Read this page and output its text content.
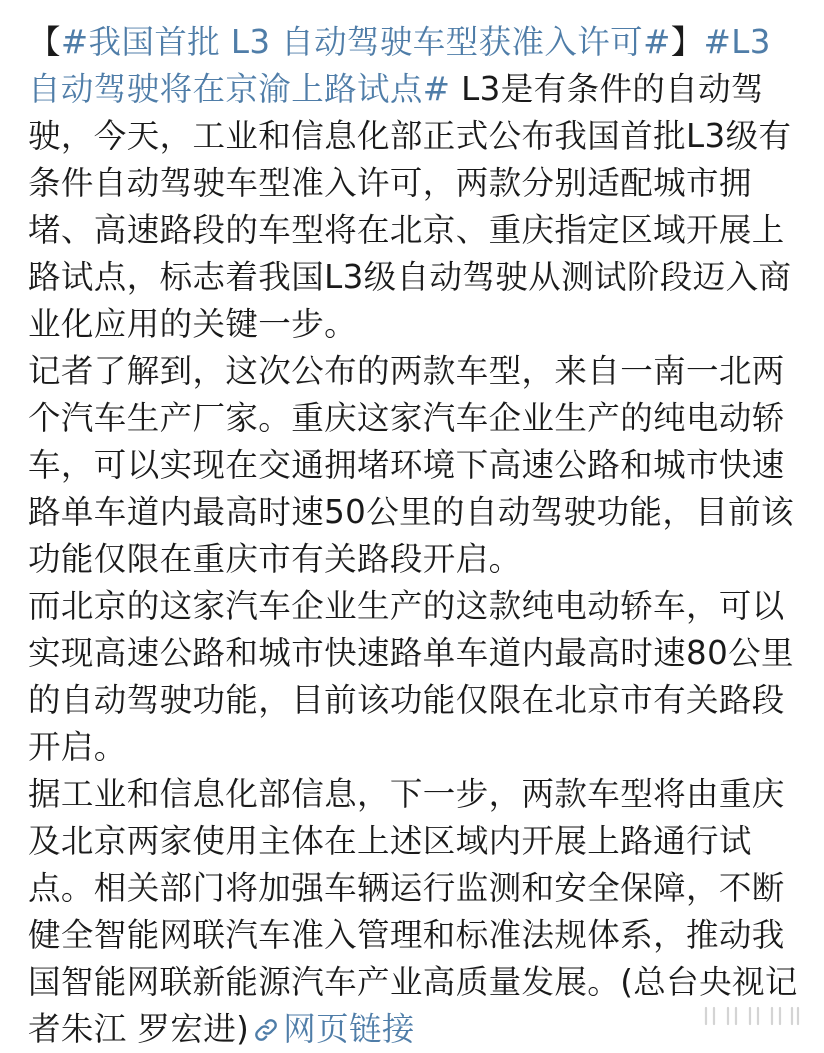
【#我国首批 L3 自动驾驶车型获准入许可#】#L3 自动驾驶将在京渝上路试点# L3是有条件的自动驾驶，今天，工业和信息化部正式公布我国首批L3级有条件自动驾驶车型准入许可，两款分别适配城市拥堵、高速路段的车型将在北京、重庆指定区域开展上路试点，标志着我国L3级自动驾驶从测试阶段迈入商业化应用的关键一步。

记者了解到，这次公布的两款车型，来自一南一北两个汽车生产厂家。重庆这家汽车企业生产的纯电动轿车，可以实现在交通拥堵环境下高速公路和城市快速路单车道内最高时速50公里的自动驾驶功能，目前该功能仅限在重庆市有关路段开启。

而北京的这家汽车企业生产的这款纯电动轿车，可以实现高速公路和城市快速路单车道内最高时速80公里的自动驾驶功能，目前该功能仅限在北京市有关路段开启。

据工业和信息化部信息，下一步，两款车型将由重庆及北京两家使用主体在上述区域内开展上路通行试点。相关部门将加强车辆运行监测和安全保障，不断健全智能网联汽车准入管理和标准法规体系，推动我国智能网联新能源汽车产业高质量发展。(总台央视记者朱江 罗宏进) 网页链接
